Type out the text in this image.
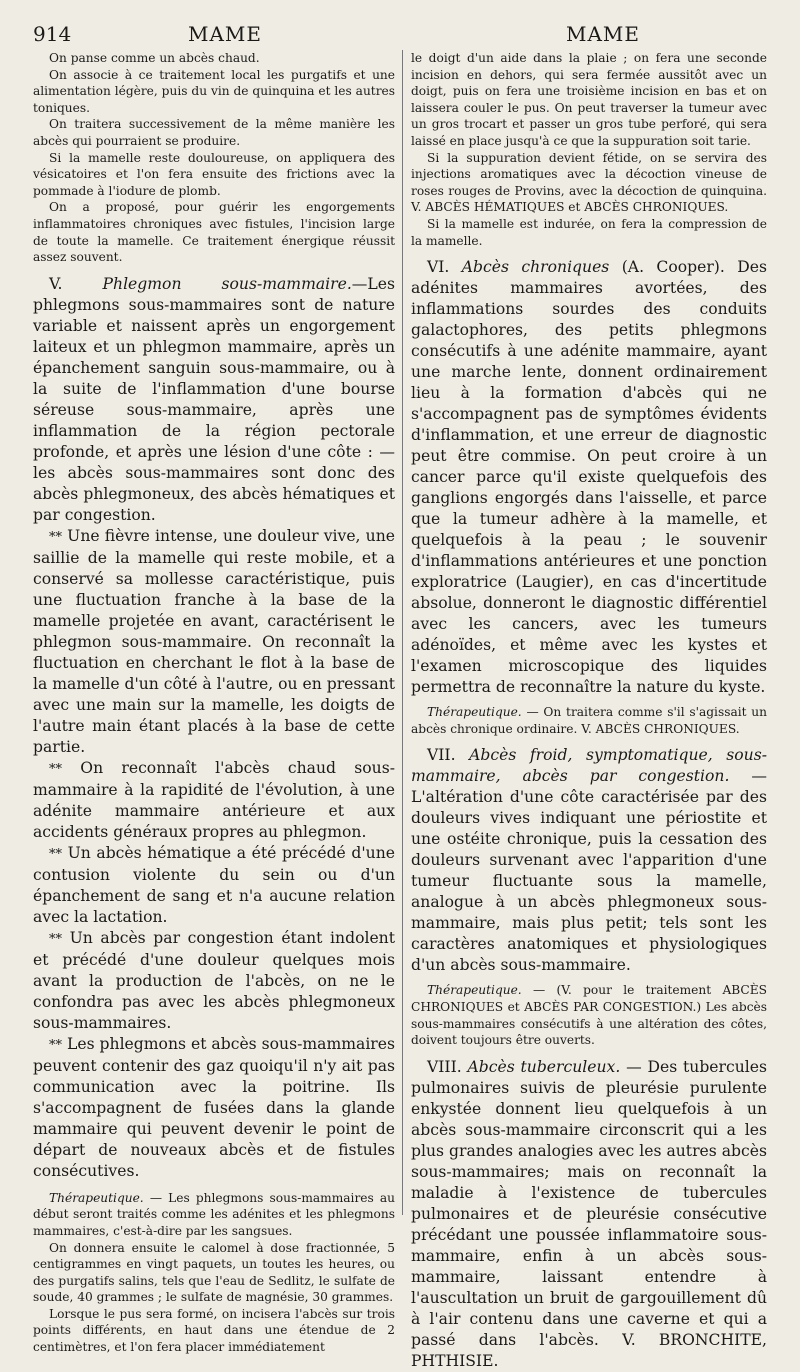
914	MAME	MAME

On panse comme un abcès chaud.

On associe à ce traitement local les purgatifs et une alimentation légère, puis du vin de quinquina et les autres toniques.

On traitera successivement de la même manière les abcès qui pourraient se produire.

Si la mamelle reste douloureuse, on appliquera des vésicatoires et l'on fera ensuite des frictions avec la pommade à l'iodure de plomb.

On a proposé, pour guérir les engorgements inflammatoires chroniques avec fistules, l'incision large de toute la mamelle. Ce traitement énergique réussit assez souvent.

V.	Phlegmon sous-mammaire.—Les phlegmons sous-mammaires sont de nature variable et naissent après un engorgement laiteux et un phlegmon mammaire, après un épanchement sanguin sous-mammaire, ou à la suite de l'inflammation d'une bourse séreuse sous-mammaire, après une inflammation de la région pectorale profonde, et après une lésion d'une côte : — les abcès sous-mammaires sont donc des abcès phlegmoneux, des abcès hématiques et par congestion.

** Une fièvre intense, une douleur vive, une saillie de la mamelle qui reste mobile, et a conservé sa mollesse caractéristique, puis une fluctuation franche à la base de la mamelle projetée en avant, caractérisent le phlegmon sous-mammaire. On reconnaît la fluctuation en cherchant le flot à la base de la mamelle d'un côté à l'autre, ou en pressant avec une main sur la mamelle, les doigts de l'autre main étant placés à la base de cette partie.

** On reconnaît l'abcès chaud sous-mammaire à la rapidité de l'évolution, à une adénite mammaire antérieure et aux accidents généraux propres au phlegmon.

** Un abcès hématique a été précédé d'une contusion violente du sein ou d'un épanchement de sang et n'a aucune relation avec la lactation.

** Un abcès par congestion étant indolent et précédé d'une douleur quelques mois avant la production de l'abcès, on ne le confondra pas avec les abcès phlegmoneux sous-mammaires.

** Les phlegmons et abcès sous-mammaires peuvent contenir des gaz quoiqu'il n'y ait pas communication avec la poitrine. Ils s'accompagnent de fusées dans la glande mammaire qui peuvent devenir le point de départ de nouveaux abcès et de fistules consécutives.

Thérapeutique. — Les phlegmons sous-mammaires au début seront traités comme les adénites et les phlegmons mammaires, c'est-à-dire par les sangsues.

On donnera ensuite le calomel à dose fractionnée, 5 centigrammes en vingt paquets, un toutes les heures, ou des purgatifs salins, tels que l'eau de Sedlitz, le sulfate de soude, 40 grammes ; le sulfate de magnésie, 30 grammes.

Lorsque le pus sera formé, on incisera l'abcès sur trois points différents, en haut dans une étendue de 2 centimètres, et l'on fera placer immédiatement

le doigt d'un aide dans la plaie ; on fera une seconde incision en dehors, qui sera fermée aussitôt avec un doigt, puis on fera une troisième incision en bas et on laissera couler le pus. On peut traverser la tumeur avec un gros trocart et passer un gros tube perforé, qui sera laissé en place jusqu'à ce que la suppuration soit tarie.

Si la suppuration devient fétide, on se servira des injections aromatiques avec la décoction vineuse de roses rouges de Provins, avec la décoction de quinquina. V. ABCÈS HÉMATIQUES et ABCÈS CHRONIQUES.

Si la mamelle est indurée, on fera la compression de la mamelle.

VI. Abcès chroniques (A. Cooper). Des adénites mammaires avortées, des inflammations sourdes des conduits galactophores, des petits phlegmons consécutifs à une adénite mammaire, ayant une marche lente, donnent ordinairement lieu à la formation d'abcès qui ne s'accompagnent pas de symptômes évidents d'inflammation, et une erreur de diagnostic peut être commise. On peut croire à un cancer parce qu'il existe quelquefois des ganglions engorgés dans l'aisselle, et parce que la tumeur adhère à la mamelle, et quelquefois à la peau ; le souvenir d'inflammations antérieures et une ponction exploratrice (Laugier), en cas d'incertitude absolue, donneront le diagnostic différentiel avec les cancers, avec les tumeurs adénoïdes, et même avec les kystes et l'examen microscopique des liquides permettra de reconnaître la nature du kyste.

Thérapeutique. — On traitera comme s'il s'agissait un abcès chronique ordinaire. V. ABCÈS CHRONIQUES.

VII. Abcès froid, symptomatique, sous-mammaire, abcès par congestion. — L'altération d'une côte caractérisée par des douleurs vives indiquant une périostite et une ostéite chronique, puis la cessation des douleurs survenant avec l'apparition d'une tumeur fluctuante sous la mamelle, analogue à un abcès phlegmoneux sous-mammaire, mais plus petit; tels sont les caractères anatomiques et physiologiques d'un abcès sous-mammaire.

Thérapeutique. — (V. pour le traitement ABCÈS CHRONIQUES et ABCÈS PAR CONGESTION.) Les abcès sous-mammaires consécutifs à une altération des côtes, doivent toujours être ouverts.

VIII. Abcès tuberculeux. — Des tubercules pulmonaires suivis de pleurésie purulente enkystée donnent lieu quelquefois à un abcès sous-mammaire circonscrit qui a les plus grandes analogies avec les autres abcès sous-mammaires; mais on reconnaît la maladie à l'existence de tubercules pulmonaires et de pleurésie consécutive précédant une poussée inflammatoire sous-mammaire, enfin à un abcès sous-mammaire, laissant entendre à l'auscultation un bruit de gargouillement dû à l'air contenu dans une caverne et qui a passé dans l'abcès. V. BRONCHITE, PHTHISIE.
